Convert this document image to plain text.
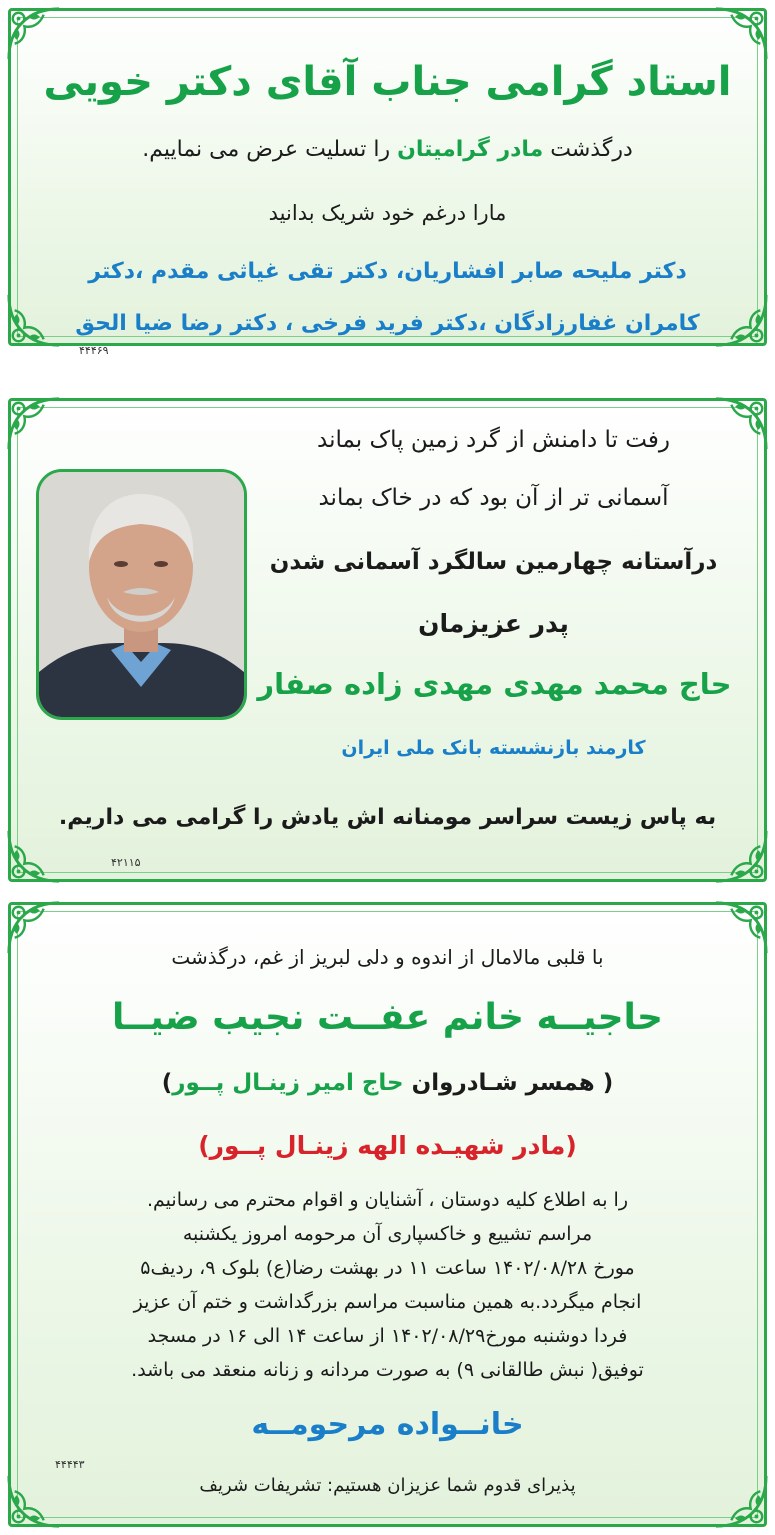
استاد گرامی جناب آقای دکتر خویی
درگذشت مادر گرامیتان را تسلیت عرض می نماییم.
مارا درغم خود شریک بدانید
دکتر ملیحه صابر افشاریان، دکتر تقی غیاثی مقدم ،دکتر
کامران غفارزادگان ،دکتر فرید فرخی ، دکتر رضا ضیا الحق
۴۴۴۶۹
رفت تا دامنش از گرد زمین پاک بماند
آسمانی تر از آن بود که در خاک بماند
درآستانه چهارمین سالگرد آسمانی شدن
پدر عزیزمان
حاج محمد مهدی مهدی زاده صفار
کارمند بازنشسته بانک ملی ایران
به پاس زیست سراسر مومنانه اش یادش را گرامی می داریم.
۴۲۱۱۵
با قلبی مالامال از اندوه و دلی لبریز از غم، درگذشت
حاجیــه خانم عفــت نجیب ضیــا
( همسر شـادروان حاج امیر زینـال پــور)
(مادر شهیـده الهه زینـال پــور)
را به اطلاع کلیه دوستان ، آشنایان و اقوام محترم می رسانیم.
مراسم تشییع و خاکسپاری آن مرحومه امروز یکشنبه
مورخ ۱۴۰۲/۰۸/۲۸ ساعت ۱۱ در بهشت رضا(ع) بلوک ۹، ردیف۵
انجام میگردد.به همین مناسبت مراسم بزرگداشت و ختم آن عزیز
فردا دوشنبه مورخ۱۴۰۲/۰۸/۲۹ از ساعت ۱۴ الی ۱۶ در مسجد
توفیق( نبش طالقانی ۹) به صورت مردانه و زنانه منعقد می باشد.
خانــواده مرحومــه
۴۴۴۴۳
پذیرای قدوم شما عزیزان هستیم: تشریفات شریف
